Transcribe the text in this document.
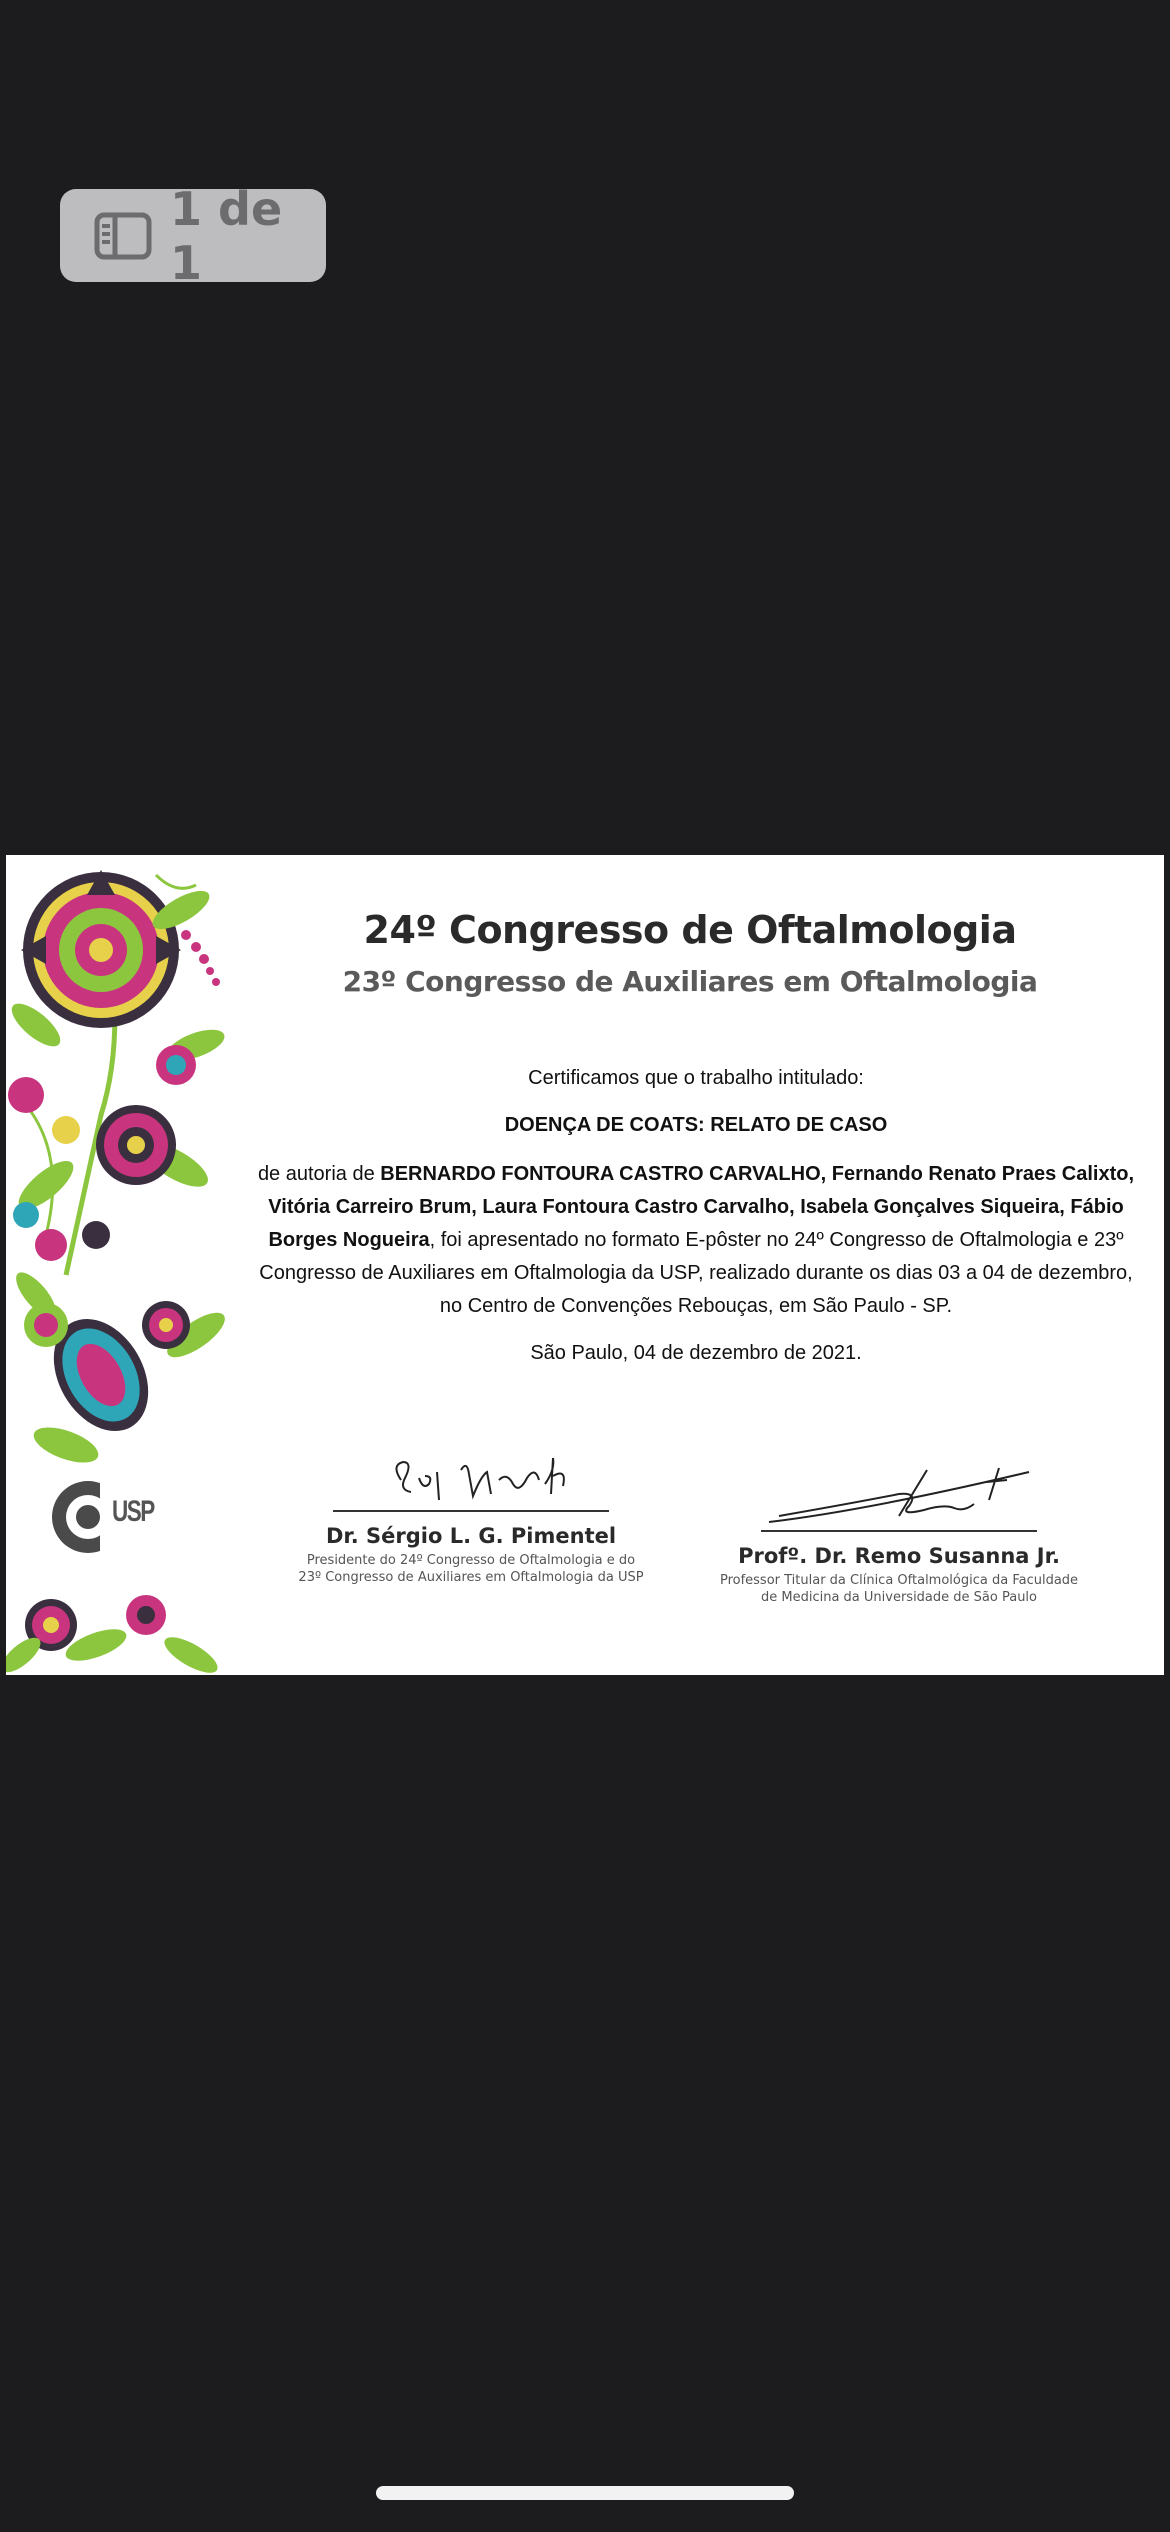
1 de 1
USP
24º Congresso de Oftalmologia
23º Congresso de Auxiliares em Oftalmologia
Certificamos que o trabalho intitulado:
DOENÇA DE COATS: RELATO DE CASO
de autoria de BERNARDO FONTOURA CASTRO CARVALHO, Fernando Renato Praes Calixto, Vitória Carreiro Brum, Laura Fontoura Castro Carvalho, Isabela Gonçalves Siqueira, Fábio Borges Nogueira, foi apresentado no formato E-pôster no 24º Congresso de Oftalmologia e 23º Congresso de Auxiliares em Oftalmologia da USP, realizado durante os dias 03 a 04 de dezembro, no Centro de Convenções Rebouças, em São Paulo - SP.
São Paulo, 04 de dezembro de 2021.
Dr. Sérgio L. G. Pimentel
Presidente do 24º Congresso de Oftalmologia e do
23º Congresso de Auxiliares em Oftalmologia da USP
Profº. Dr. Remo Susanna Jr.
Professor Titular da Clínica Oftalmológica da Faculdade
de Medicina da Universidade de São Paulo
